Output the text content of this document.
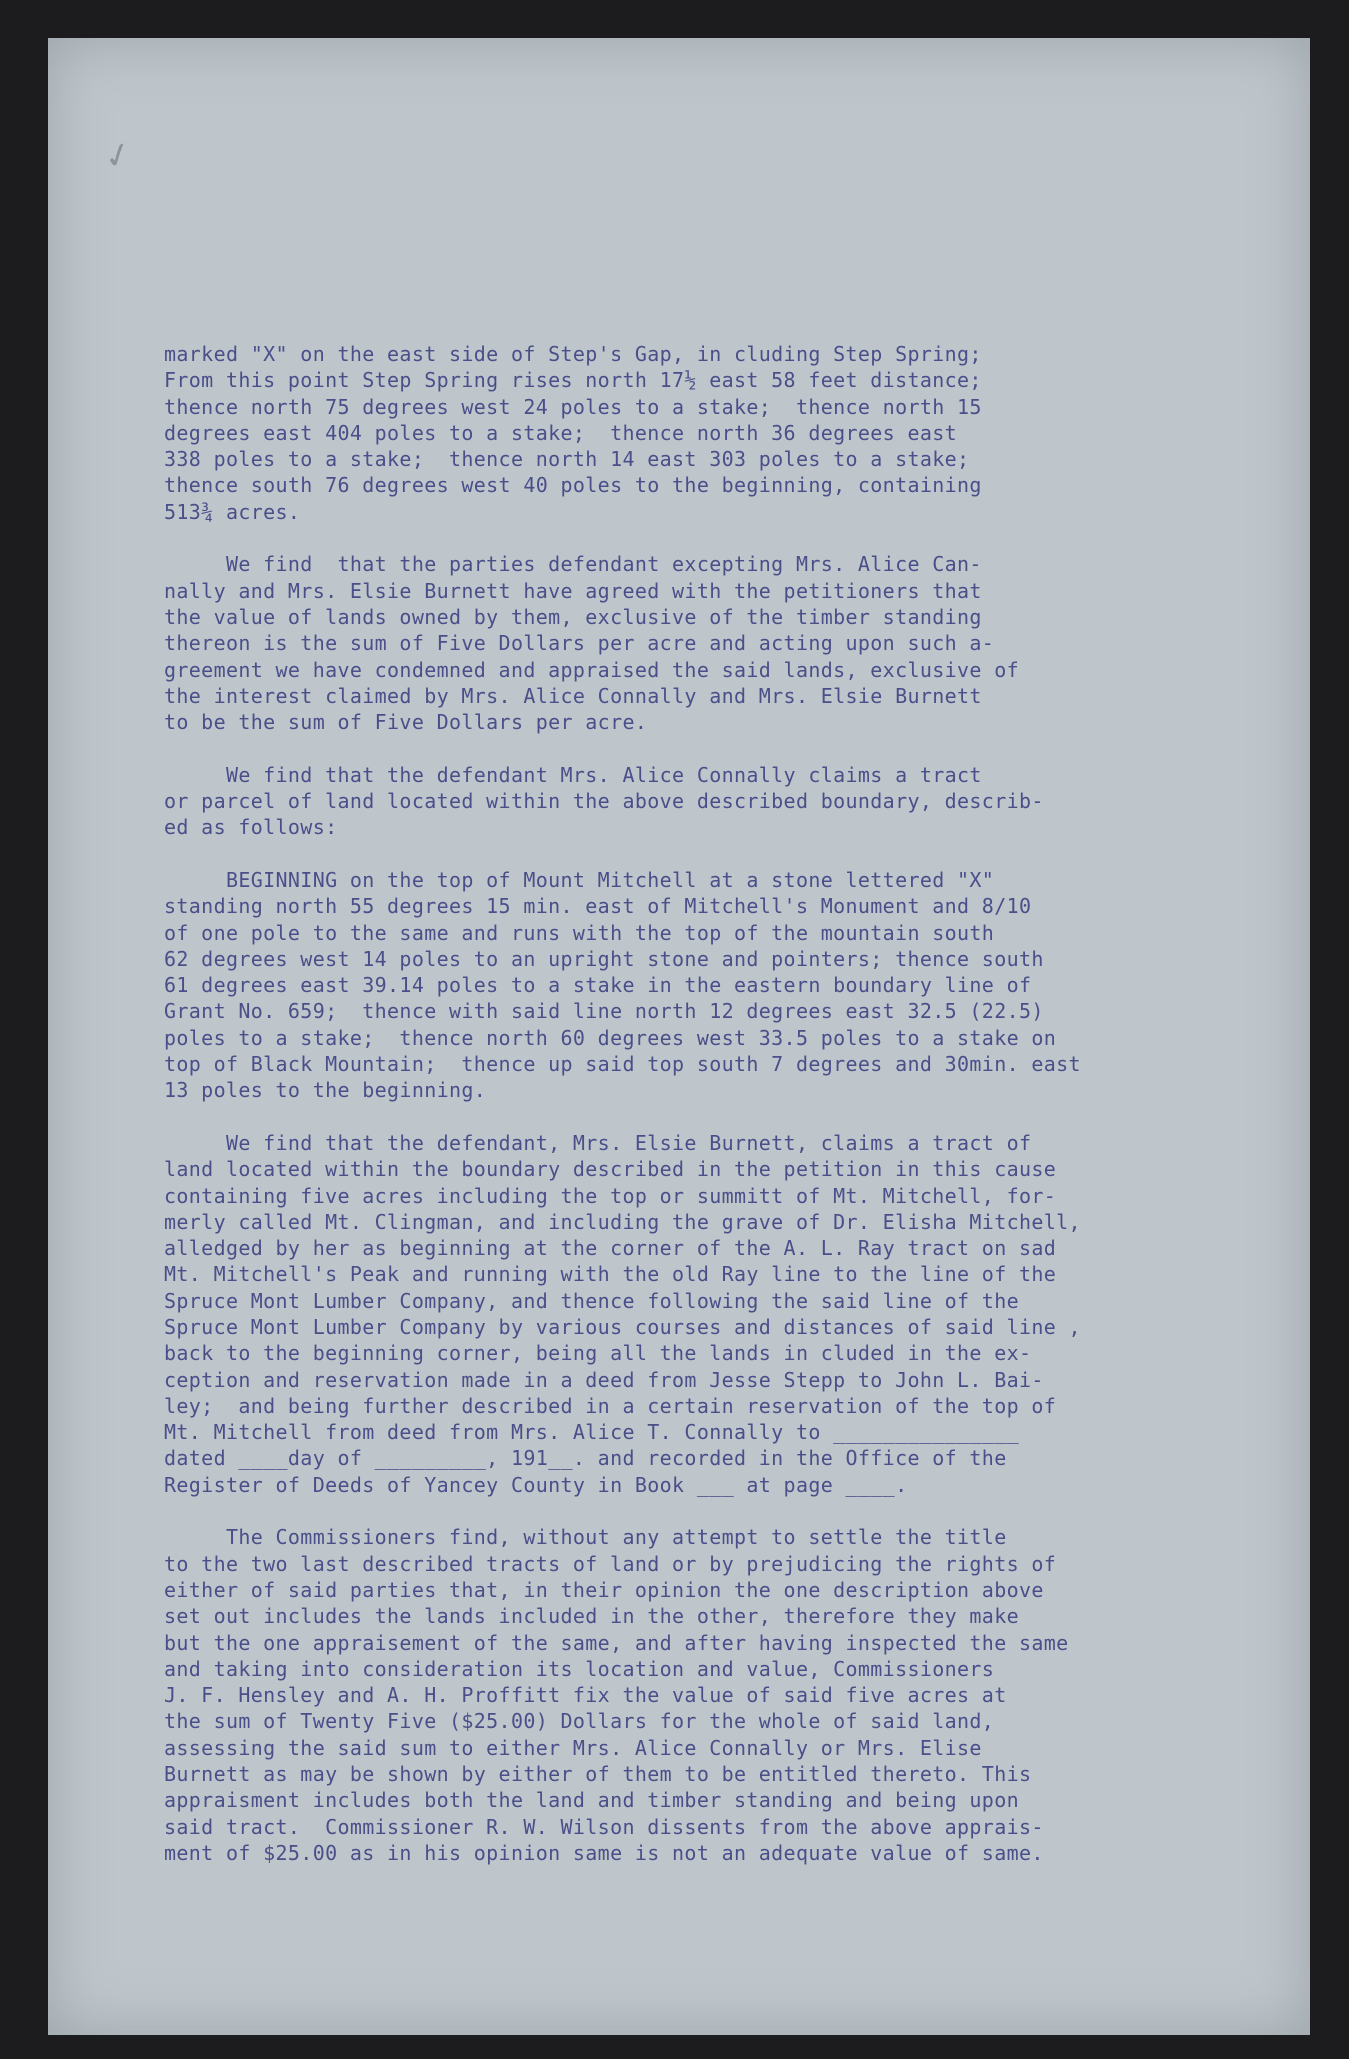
✓
marked "X" on the east side of Step's Gap, in cluding Step Spring;
From this point Step Spring rises north 17½ east 58 feet distance;
thence north 75 degrees west 24 poles to a stake;  thence north 15
degrees east 404 poles to a stake;  thence north 36 degrees east
338 poles to a stake;  thence north 14 east 303 poles to a stake;
thence south 76 degrees west 40 poles to the beginning, containing
513¾ acres.
We find  that the parties defendant excepting Mrs. Alice Can-
nally and Mrs. Elsie Burnett have agreed with the petitioners that
the value of lands owned by them, exclusive of the timber standing
thereon is the sum of Five Dollars per acre and acting upon such a-
greement we have condemned and appraised the said lands, exclusive of
the interest claimed by Mrs. Alice Connally and Mrs. Elsie Burnett
to be the sum of Five Dollars per acre.
We find that the defendant Mrs. Alice Connally claims a tract
or parcel of land located within the above described boundary, describ-
ed as follows:
BEGINNING on the top of Mount Mitchell at a stone lettered "X"
standing north 55 degrees 15 min. east of Mitchell's Monument and 8/10
of one pole to the same and runs with the top of the mountain south
62 degrees west 14 poles to an upright stone and pointers; thence south
61 degrees east 39.14 poles to a stake in the eastern boundary line of
Grant No. 659;  thence with said line north 12 degrees east 32.5 (22.5)
poles to a stake;  thence north 60 degrees west 33.5 poles to a stake on
top of Black Mountain;  thence up said top south 7 degrees and 30min. east
13 poles to the beginning.
We find that the defendant, Mrs. Elsie Burnett, claims a tract of
land located within the boundary described in the petition in this cause
containing five acres including the top or summitt of Mt. Mitchell, for-
merly called Mt. Clingman, and including the grave of Dr. Elisha Mitchell,
alledged by her as beginning at the corner of the A. L. Ray tract on sad
Mt. Mitchell's Peak and running with the old Ray line to the line of the
Spruce Mont Lumber Company, and thence following the said line of the
Spruce Mont Lumber Company by various courses and distances of said line ,
back to the beginning corner, being all the lands in cluded in the ex-
ception and reservation made in a deed from Jesse Stepp to John L. Bai-
ley;  and being further described in a certain reservation of the top of
Mt. Mitchell from deed from Mrs. Alice T. Connally to _______________
dated ____day of _________, 191__. and recorded in the Office of the
Register of Deeds of Yancey County in Book ___ at page ____.
The Commissioners find, without any attempt to settle the title
to the two last described tracts of land or by prejudicing the rights of
either of said parties that, in their opinion the one description above
set out includes the lands included in the other, therefore they make
but the one appraisement of the same, and after having inspected the same
and taking into consideration its location and value, Commissioners
J. F. Hensley and A. H. Proffitt fix the value of said five acres at
the sum of Twenty Five ($25.00) Dollars for the whole of said land,
assessing the said sum to either Mrs. Alice Connally or Mrs. Elise
Burnett as may be shown by either of them to be entitled thereto. This
appraisment includes both the land and timber standing and being upon
said tract.  Commissioner R. W. Wilson dissents from the above apprais-
ment of $25.00 as in his opinion same is not an adequate value of same.
